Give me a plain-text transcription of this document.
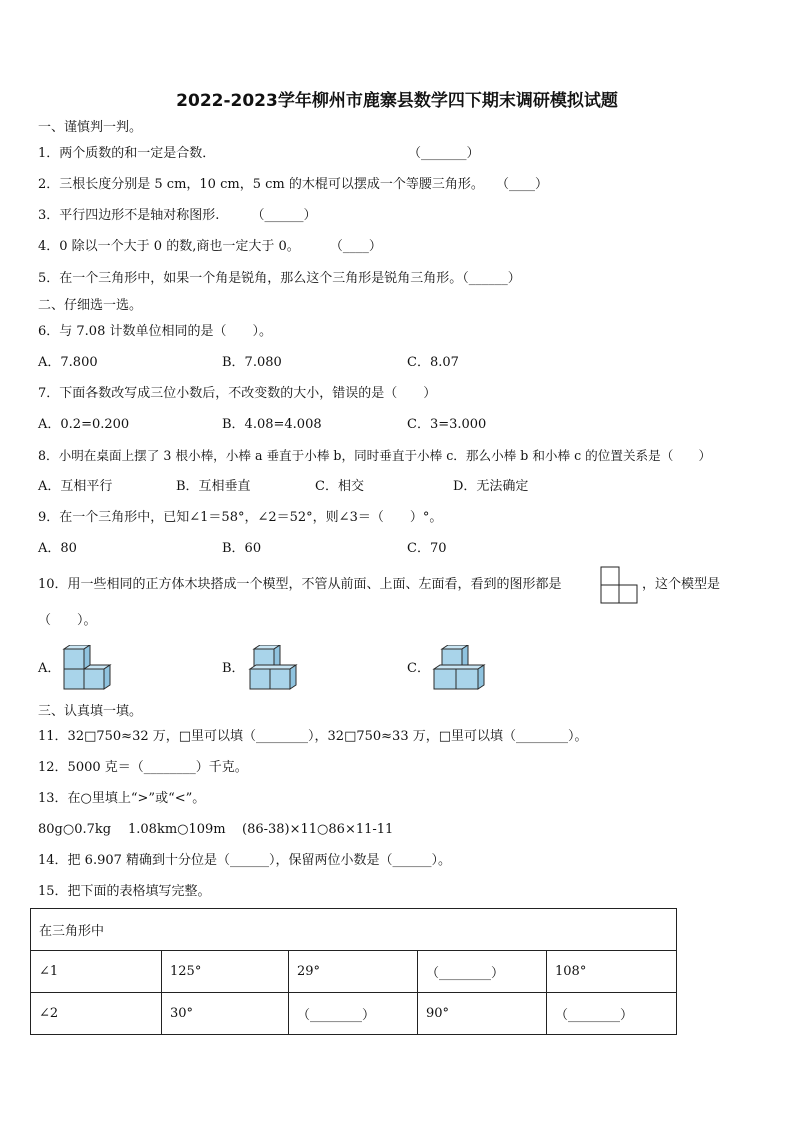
2022-2023学年柳州市鹿寨县数学四下期末调研模拟试题
一、谨慎判一判。
1．两个质数的和一定是合数．	（_______）
2．三根长度分别是 5 cm，10 cm，5 cm 的木棍可以摆成一个等腰三角形。 （____）
3．平行四边形不是轴对称图形. （______）
4．0 除以一个大于 0 的数,商也一定大于 0。 （____）
5．在一个三角形中，如果一个角是锐角，那么这个三角形是锐角三角形。（______）
二、仔细选一选。
6．与 7.08 计数单位相同的是（　　）。
A．7.800	B．7.080	C．8.07
7．下面各数改写成三位小数后，不改变数的大小，错误的是（　　）
A．0.2=0.200	B．4.08=4.008	C．3=3.000
8．小明在桌面上摆了 3 根小棒，小棒 a 垂直于小棒 b，同时垂直于小棒 c．那么小棒 b 和小棒 c 的位置关系是（　　）
A．互相平行	B．互相垂直	C．相交	D．无法确定
9．在一个三角形中，已知∠1＝58°，∠2＝52°，则∠3＝（　　）°。
A．80	B．60	C．70
10．用一些相同的正方体木块搭成一个模型，不管从前面、上面、左面看，看到的图形都是	，这个模型是
（　　）。
A．	B．	C．
三、认真填一填。
11．32□750≈32 万，□里可以填（________），32□750≈33 万，□里可以填（________）。
12．5000 克＝（________）千克。
13．在○里填上“>”或“<”。
80g○0.7kg 1.08km○109m (86-38)×11○86×11-11
14．把 6.907 精确到十分位是（______），保留两位小数是（______）。
15．把下面的表格填写完整。
在三角形中				
∠1	125°	29°	（________）	108°
∠2	30°	（________）	90°	（________）
